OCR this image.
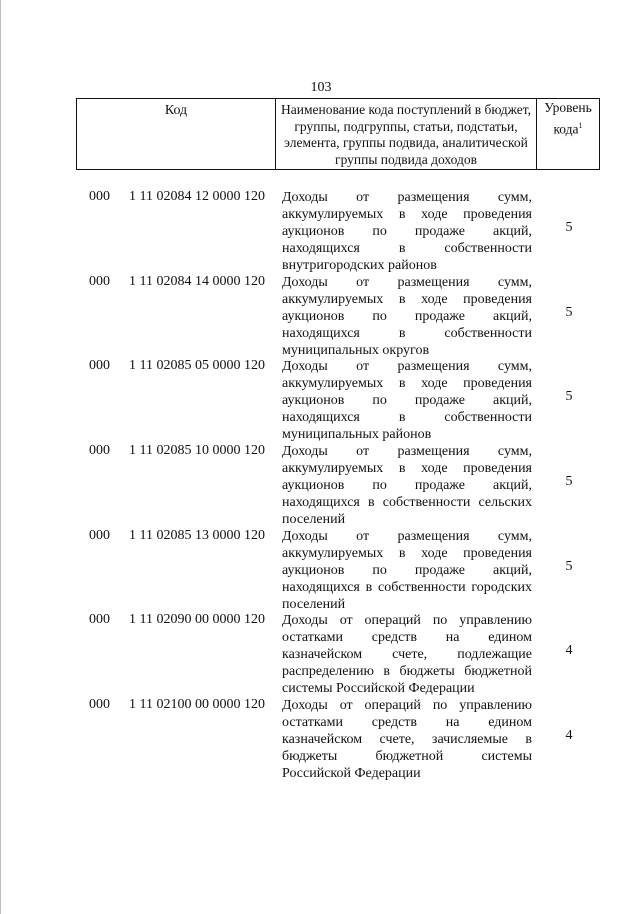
103
Код	Наименование кода поступлений в бюджет, группы, подгруппы, статьи, подстатьи, элемента, группы подвида, аналитической группы подвида доходов
Уровень кода$^1$
000 1 11 02084 12 0000 120 Доходы от размещения сумм, аккумулируемых в ходе проведения аукционов по продаже акций, находящихся в собственности внутригородских районов
5
000 1 11 02084 14 0000 120 Доходы от размещения сумм, аккумулируемых в ходе проведения аукционов по продаже акций, находящихся в собственности муниципальных округов
5
000 1 11 02085 05 0000 120 Доходы от размещения сумм, аккумулируемых в ходе проведения аукционов по продаже акций, находящихся в собственности муниципальных районов
5
000 1 11 02085 10 0000 120 Доходы от размещения сумм, аккумулируемых в ходе проведения аукционов по продаже акций, находящихся в собственности сельских поселений
5
000 1 11 02085 13 0000 120 Доходы от размещения сумм, аккумулируемых в ходе проведения аукционов по продаже акций, находящихся в собственности городских поселений
5
000 1 11 02090 00 0000 120 Доходы от операций по управлению остатками средств на едином казначейском счете, подлежащие распределению в бюджеты бюджетной системы Российской Федерации
4
000 1 11 02100 00 0000 120 Доходы от операций по управлению остатками средств на едином казначейском счете, зачисляемые в бюджеты бюджетной системы Российской Федерации
4
